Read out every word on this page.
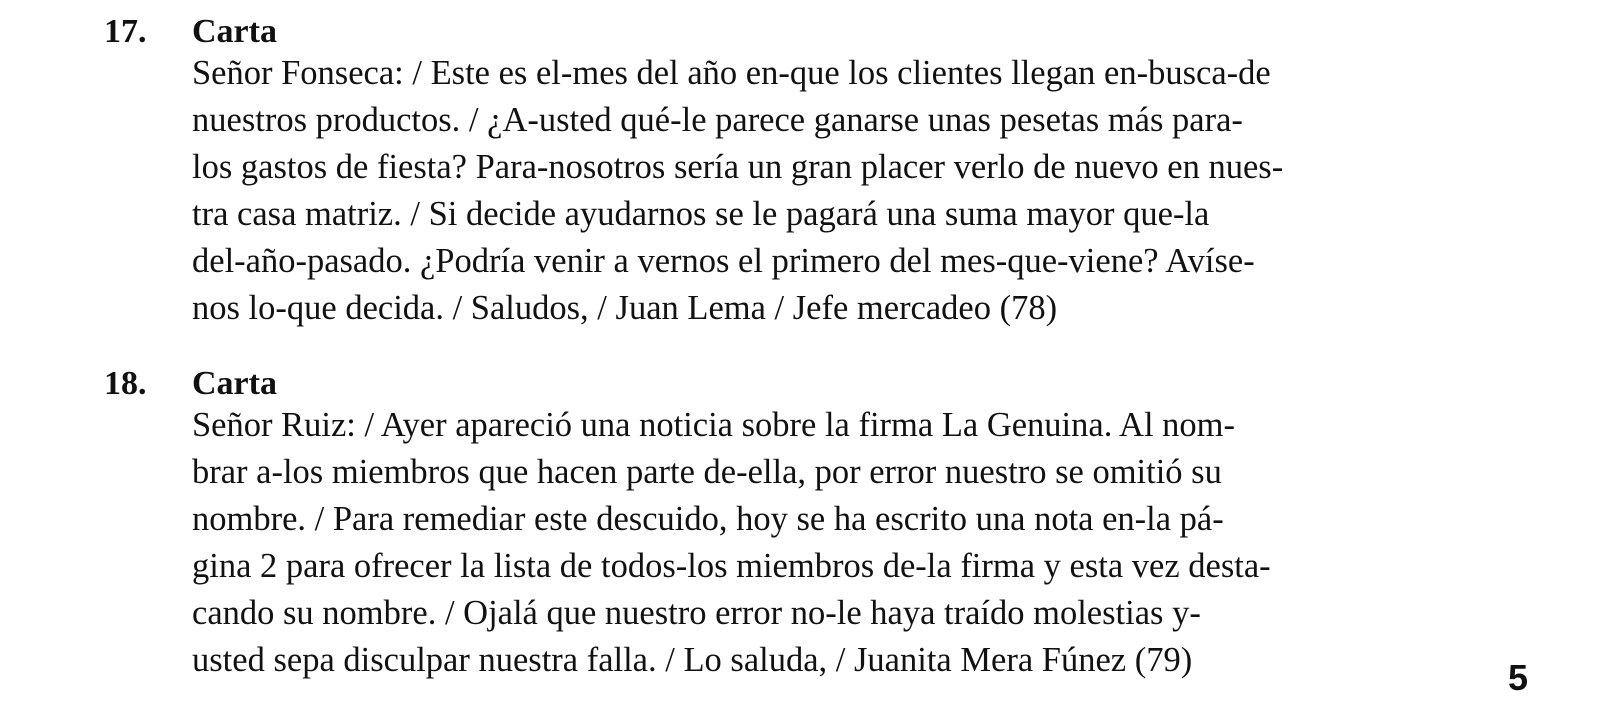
17. Carta
Señor Fonseca: / Este es el-mes del año en-que los clientes llegan en-busca-de
nuestros productos. / ¿A-usted qué-le parece ganarse unas pesetas más para-
los gastos de fiesta? Para-nosotros sería un gran placer verlo de nuevo en nues-
tra casa matriz. / Si decide ayudarnos se le pagará una suma mayor que-la
del-año-pasado. ¿Podría venir a vernos el primero del mes-que-viene? Avíse-
nos lo-que decida. / Saludos, / Juan Lema / Jefe mercadeo (78)
18. Carta
Señor Ruiz: / Ayer apareció una noticia sobre la firma La Genuina. Al nom-
brar a-los miembros que hacen parte de-ella, por error nuestro se omitió su
nombre. / Para remediar este descuido, hoy se ha escrito una nota en-la pá-
gina 2 para ofrecer la lista de todos-los miembros de-la firma y esta vez desta-
cando su nombre. / Ojalá que nuestro error no-le haya traído molestias y-
usted sepa disculpar nuestra falla. / Lo saluda, / Juanita Mera Fúnez (79)	5
